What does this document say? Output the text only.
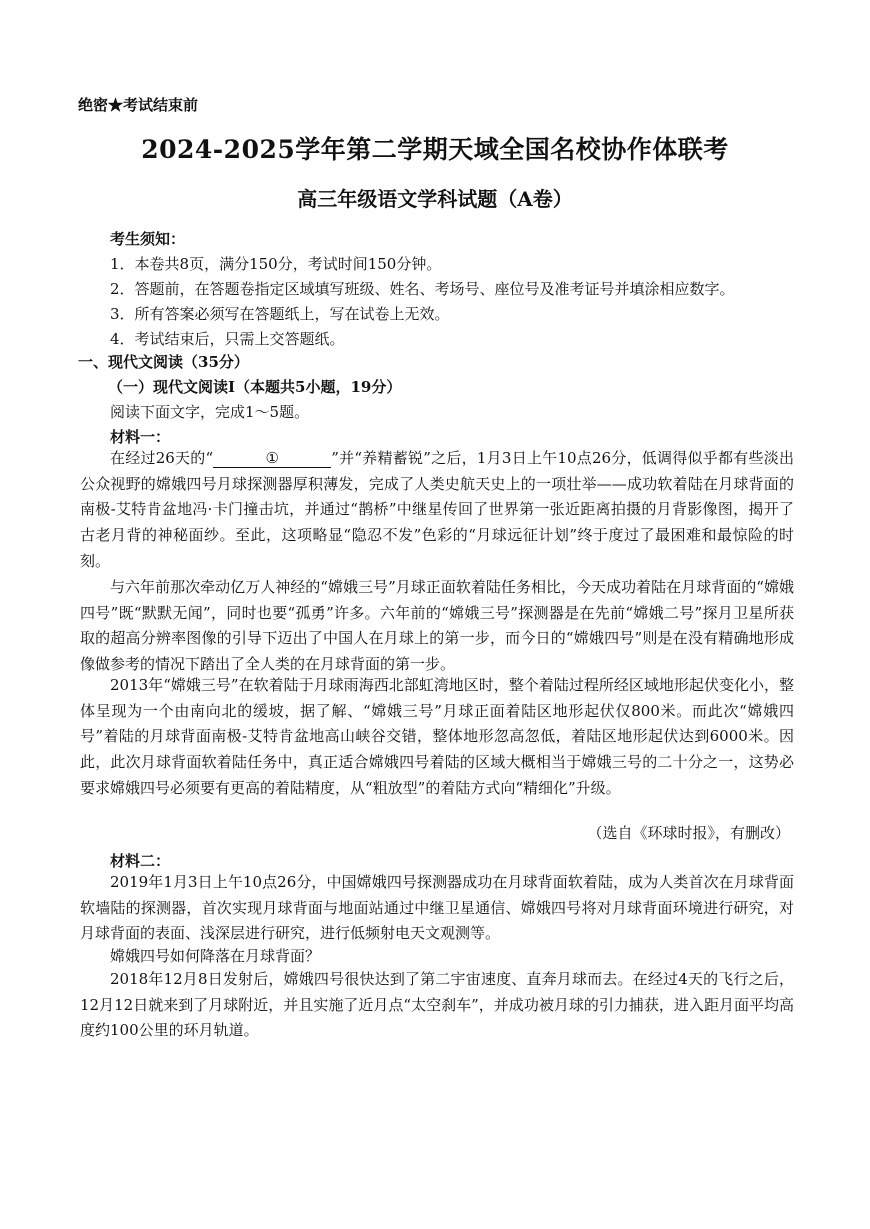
绝密★考试结束前
2024-2025学年第二学期天域全国名校协作体联考
高三年级语文学科试题（A卷）
考生须知：
1．本卷共8页，满分150分，考试时间150分钟。
2．答题前，在答题卷指定区域填写班级、姓名、考场号、座位号及准考证号并填涂相应数字。
3．所有答案必须写在答题纸上，写在试卷上无效。
4．考试结束后，只需上交答题纸。
一、现代文阅读（35分）
（一）现代文阅读Ⅰ（本题共5小题，19分）
阅读下面文字，完成1～5题。
材料一：

在经过26天的“	①	”并“养精蓄锐”之后，1月3日上午10点26分，低调得似乎都有些淡出公众视野的嫦娥四号月球探测器厚积薄发，完成了人类史航天史上的一项壮举——成功软着陆在月球背面的南极-艾特肯盆地冯·卡门撞击坑，并通过“鹊桥”中继星传回了世界第一张近距离拍摄的月背影像图，揭开了古老月背的神秘面纱。至此，这项略显“隐忍不发”色彩的“月球远征计划”终于度过了最困难和最惊险的时刻。

与六年前那次牵动亿万人神经的“嫦娥三号”月球正面软着陆任务相比，今天成功着陆在月球背面的“嫦娥四号”既“默默无闻”，同时也要“孤勇”许多。六年前的“嫦娥三号”探测器是在先前“嫦娥二号”探月卫星所获取的超高分辨率图像的引导下迈出了中国人在月球上的第一步，而今日的“嫦娥四号”则是在没有精确地形成像做参考的情况下踏出了全人类的在月球背面的第一步。

2013年“嫦娥三号”在软着陆于月球雨海西北部虹湾地区时，整个着陆过程所经区域地形起伏变化小，整体呈现为一个由南向北的缓坡，据了解、“嫦娥三号”月球正面着陆区地形起伏仅800米。而此次“嫦娥四号”着陆的月球背面南极-艾特肯盆地高山峡谷交错，整体地形忽高忽低，着陆区地形起伏达到6000米。因此，此次月球背面软着陆任务中，真正适合嫦娥四号着陆的区域大概相当于嫦娥三号的二十分之一，这势必要求嫦娥四号必须要有更高的着陆精度，从“粗放型”的着陆方式向“精细化”升级。

（选自《环球时报》，有删改）
材料二：

2019年1月3日上午10点26分，中国嫦娥四号探测器成功在月球背面软着陆，成为人类首次在月球背面软墙陆的探测器，首次实现月球背面与地面站通过中继卫星通信、嫦娥四号将对月球背面环境进行研究，对月球背面的表面、浅深层进行研究，进行低频射电天文观测等。

嫦娥四号如何降落在月球背面？

2018年12月8日发射后，嫦娥四号很快达到了第二宇宙速度、直奔月球而去。在经过4天的飞行之后，12月12日就来到了月球附近，并且实施了近月点“太空刹车”，并成功被月球的引力捕获，进入距月面平均高度约100公里的环月轨道。
